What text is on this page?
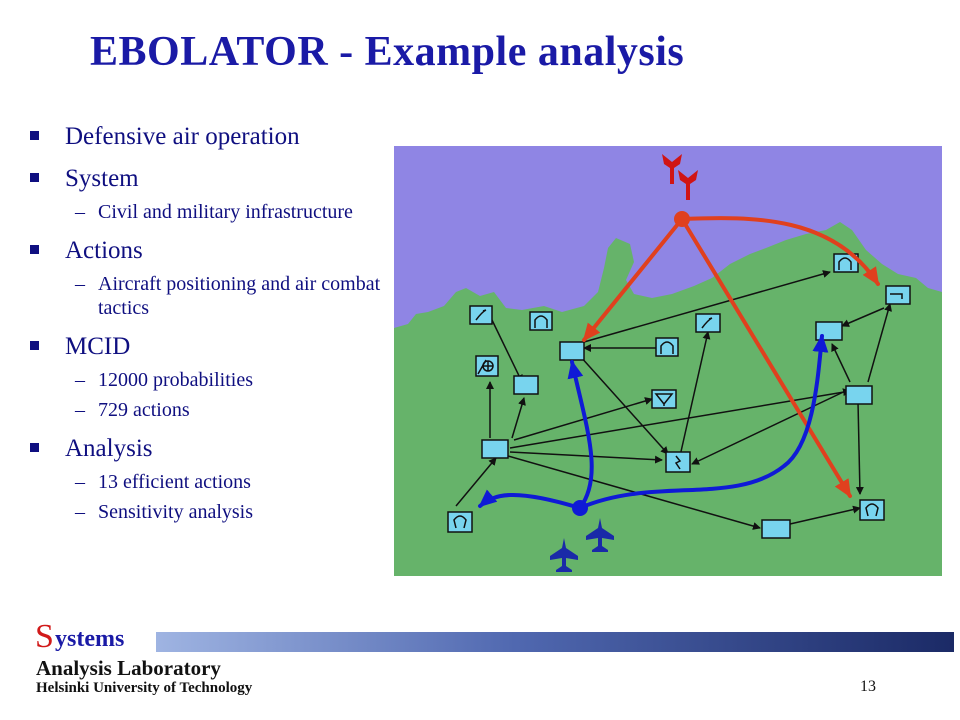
EBOLATOR - Example analysis
Defensive air operation
System
– Civil and military infrastructure
Actions
– Aircraft positioning and air combat tactics
MCID
– 12000 probabilities
– 729 actions
Analysis
– 13 efficient actions
– Sensitivity analysis
S ystems
Analysis Laboratory
Helsinki University of Technology	13
